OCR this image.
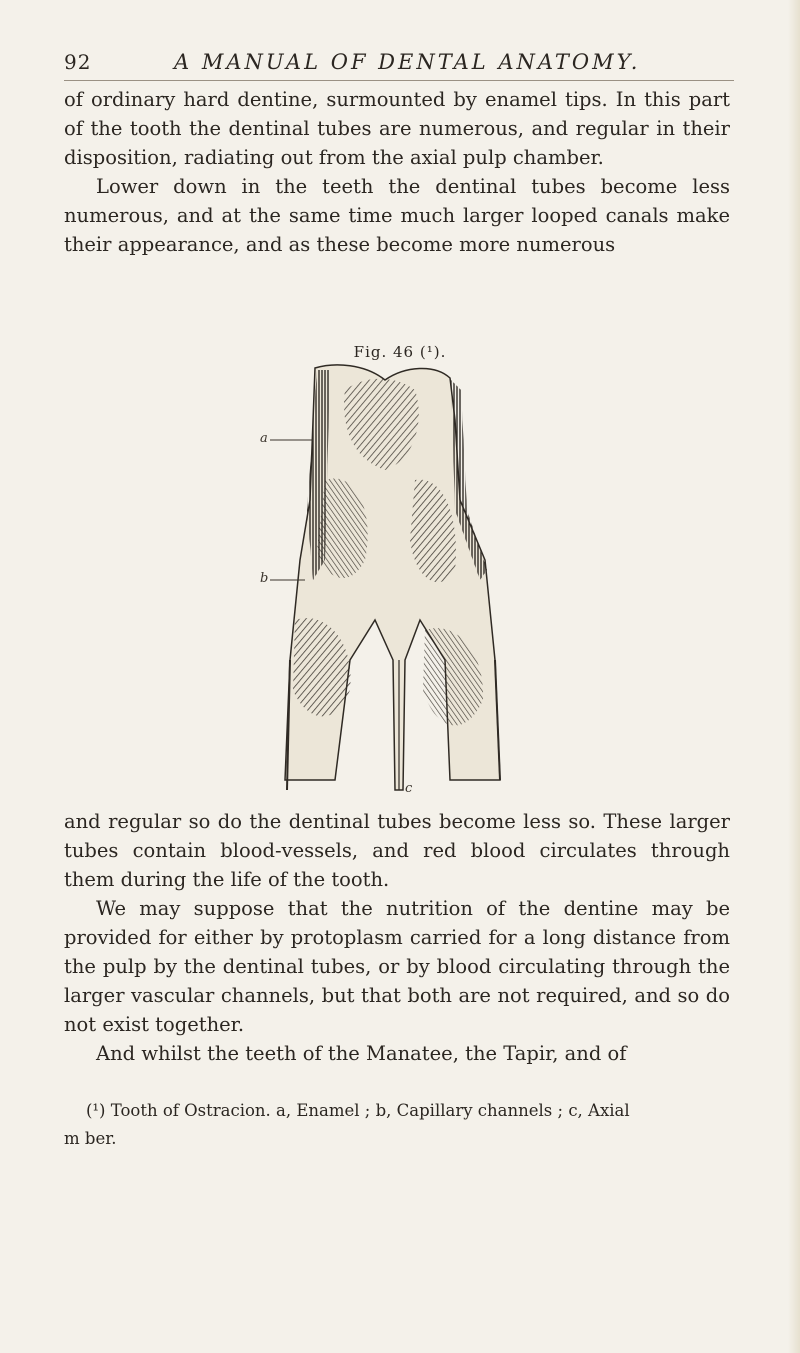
92	A MANUAL OF DENTAL ANATOMY.

of ordinary hard dentine, surmounted by enamel tips. In this part of the tooth the dentinal tubes are numerous, and regular in their disposition, radiating out from the axial pulp chamber.

Lower down in the teeth the dentinal tubes become less numerous, and at the same time much larger looped canals make their appearance, and as these become more numerous

Fig. 46 (¹).
a
b
c

and regular so do the dentinal tubes become less so. These larger tubes contain blood-vessels, and red blood circulates through them during the life of the tooth.

We may suppose that the nutrition of the dentine may be provided for either by protoplasm carried for a long distance from the pulp by the dentinal tubes, or by blood circulating through the larger vascular channels, but that both are not required, and so do not exist together.

And whilst the teeth of the Manatee, the Tapir, and of

(¹) Tooth of Ostracion. a, Enamel ; b, Capillary channels ; c, Axial

m ber.
